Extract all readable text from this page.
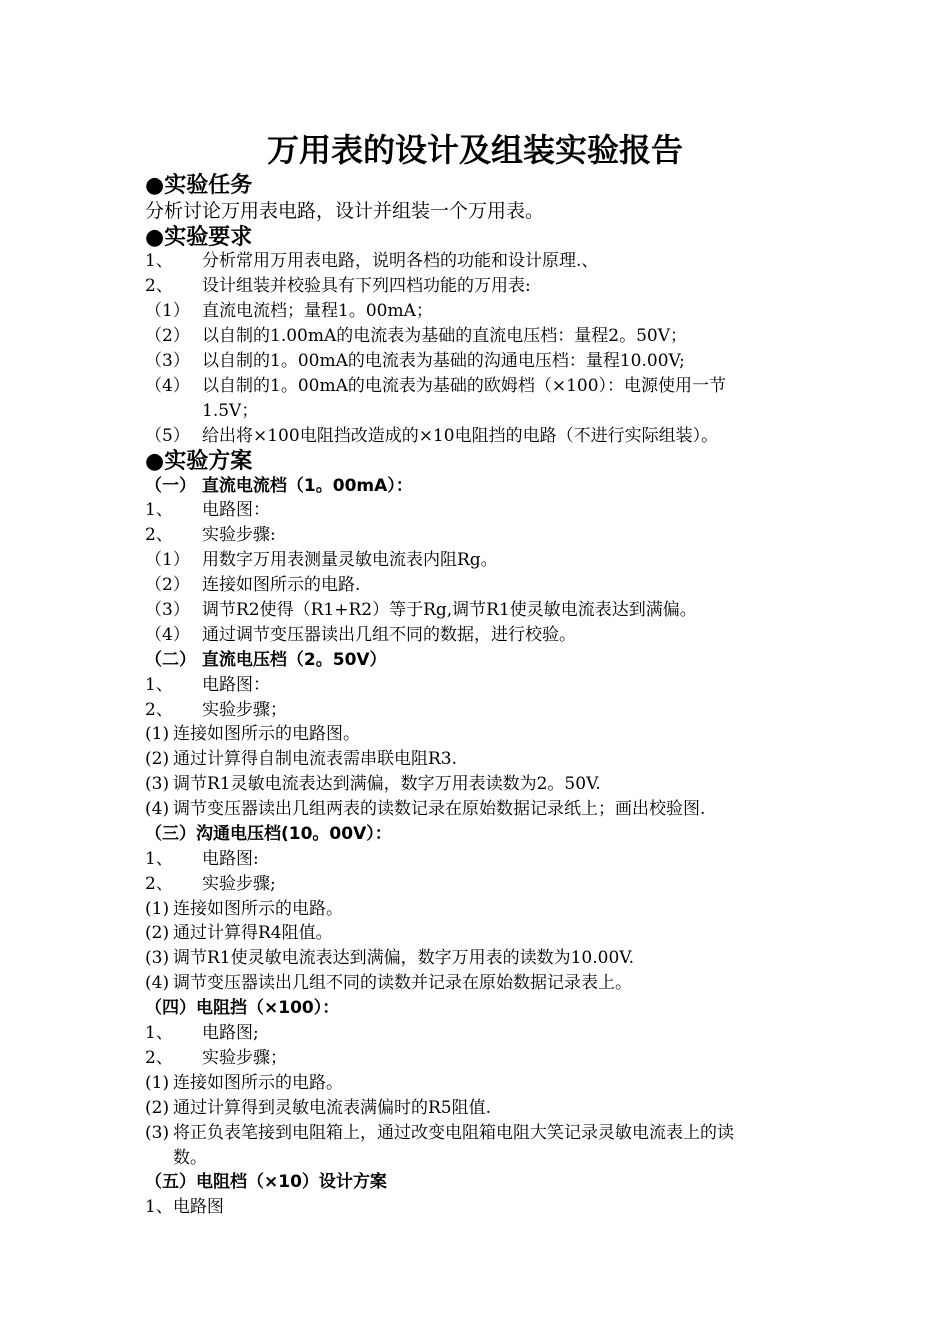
万用表的设计及组装实验报告
●实验任务
分析讨论万用表电路，设计并组装一个万用表。
●实验要求
1、 分析常用万用表电路，说明各档的功能和设计原理.、
2、 设计组装并校验具有下列四档功能的万用表:
（1） 直流电流档；量程1。00mA；
（2） 以自制的1.00mA的电流表为基础的直流电压档：量程2。50V；
（3） 以自制的1。00mA的电流表为基础的沟通电压档：量程10.00V;
（4） 以自制的1。00mA的电流表为基础的欧姆档（×100）：电源使用一节
1.5V；
（5） 给出将×100电阻挡改造成的×10电阻挡的电路（不进行实际组装）。
●实验方案
（一） 直流电流档（1。00mA）：
1、 电路图：
2、 实验步骤:
（1） 用数字万用表测量灵敏电流表内阻Rg。
（2） 连接如图所示的电路.
（3） 调节R2使得（R1+R2）等于Rg,调节R1使灵敏电流表达到满偏。
（4） 通过调节变压器读出几组不同的数据，进行校验。
（二） 直流电压档（2。50V）
1、 电路图：
2、 实验步骤；
(1) 连接如图所示的电路图。
(2) 通过计算得自制电流表需串联电阻R3.
(3) 调节R1灵敏电流表达到满偏，数字万用表读数为2。50V.
(4) 调节变压器读出几组两表的读数记录在原始数据记录纸上；画出校验图.
（三）沟通电压档(10。00V）：
1、 电路图:
2、 实验步骤;
(1) 连接如图所示的电路。
(2) 通过计算得R4阻值。
(3) 调节R1使灵敏电流表达到满偏，数字万用表的读数为10.00V.
(4) 调节变压器读出几组不同的读数并记录在原始数据记录表上。
（四）电阻挡（×100）：
1、 电路图;
2、 实验步骤；
(1) 连接如图所示的电路。
(2) 通过计算得到灵敏电流表满偏时的R5阻值.
(3) 将正负表笔接到电阻箱上，通过改变电阻箱电阻大笑记录灵敏电流表上的读
数。
（五）电阻档（×10）设计方案
1、电路图
